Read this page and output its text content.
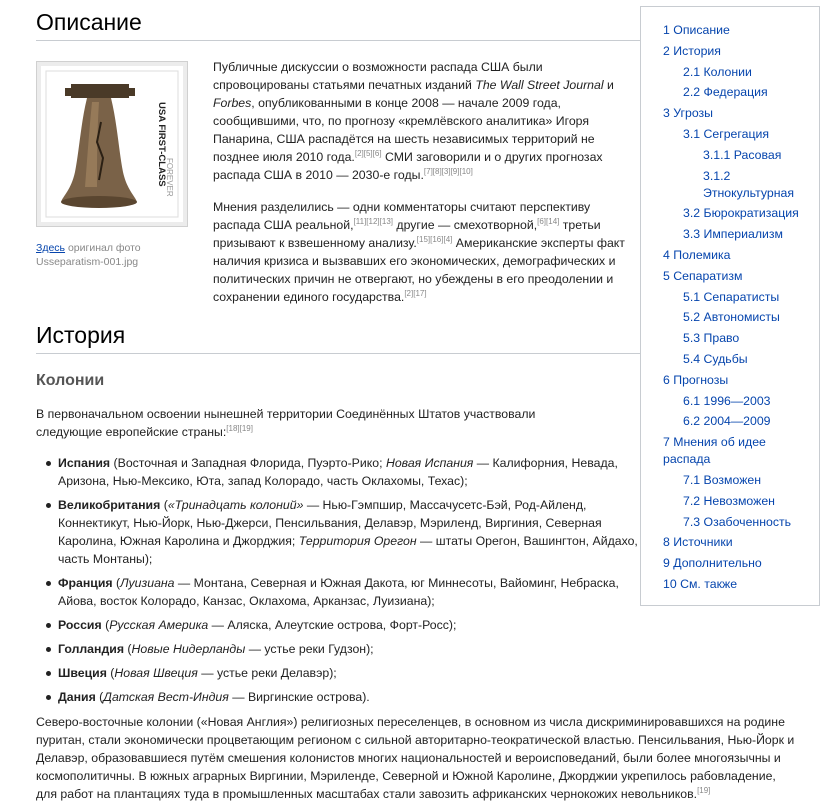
Описание
USA FIRST-CLASS
FOREVER
Здесь оригинал фото Usseparatism-001.jpg

Публичные дискуссии о возможности распада США были спровоцированы статьями печатных изданий The Wall Street Journal и Forbes, опубликованными в конце 2008 — начале 2009 года, сообщившими, что, по прогнозу «кремлёвского аналитика» Игоря Панарина, США распадётся на шесть независимых территорий не позднее июля 2010 года.[2][5][6] СМИ заговорили и о других прогнозах распада США в 2010 — 2030-е годы.[7][8][3][9][10]

Мнения разделились — одни комментаторы считают перспективу распада США реальной,[11][12][13] другие — смехотворной,[6][14] третьи призывают к взвешенному анализу.[15][16][4] Американские эксперты факт наличия кризиса и вызвавших его экономических, демографических и политических причин не отвергают, но убеждены в его преодолении и сохранении единого государства.[2][17]

История
Колонии

В первоначальном освоении нынешней территории Соединённых Штатов участвовали следующие европейские страны:[18][19]

Испания (Восточная и Западная Флорида, Пуэрто-Рико; Новая Испания — Калифорния, Невада, Аризона, Нью-Мексико, Юта, запад Колорадо, часть Оклахомы, Техас);
Великобритания («Тринадцать колоний» — Нью-Гэмпшир, Массачусетс-Бэй, Род-Айленд, Коннектикут, Нью-Йорк, Нью-Джерси, Пенсильвания, Делавэр, Мэриленд, Виргиния, Северная Каролина, Южная Каролина и Джорджия; Территория Орегон — штаты Орегон, Вашингтон, Айдахо, часть Монтаны);
Франция (Луизиана — Монтана, Северная и Южная Дакота, юг Миннесоты, Вайоминг, Небраска, Айова, восток Колорадо, Канзас, Оклахома, Арканзас, Луизиана);
Россия (Русская Америка — Аляска, Алеутские острова, Форт-Росс);
Голландия (Новые Нидерланды — устье реки Гудзон);
Швеция (Новая Швеция — устье реки Делавэр);
Дания (Датская Вест-Индия — Виргинские острова).

Северо-восточные колонии («Новая Англия») религиозных переселенцев, в основном из числа дискриминировавшихся на родине пуритан, стали экономически процветающим регионом с сильной авторитарно-теократической властью. Пенсильвания, Нью-Йорк и Делавэр, образовавшиеся путём смешения колонистов многих национальностей и вероисповеданий, были более многоязычны и космополитичны. В южных аграрных Виргинии, Мэриленде, Северной и Южной Каролине, Джорджии укрепилось рабовладение, для работ на плантациях туда в промышленных масштабах стали завозить африканских чернокожих невольников.[19]

1 Описание
2 История
2.1 Колонии
2.2 Федерация
3 Угрозы
3.1 Сегрегация
3.1.1 Расовая
3.1.2 Этнокультурная
3.2 Бюрократизация
3.3 Империализм
4 Полемика
5 Сепаратизм
5.1 Сепаратисты
5.2 Автономисты
5.3 Право
5.4 Судьбы
6 Прогнозы
6.1 1996—2003
6.2 2004—2009
7 Мнения об идее распада
7.1 Возможен
7.2 Невозможен
7.3 Озабоченность
8 Источники
9 Дополнительно
10 См. также
